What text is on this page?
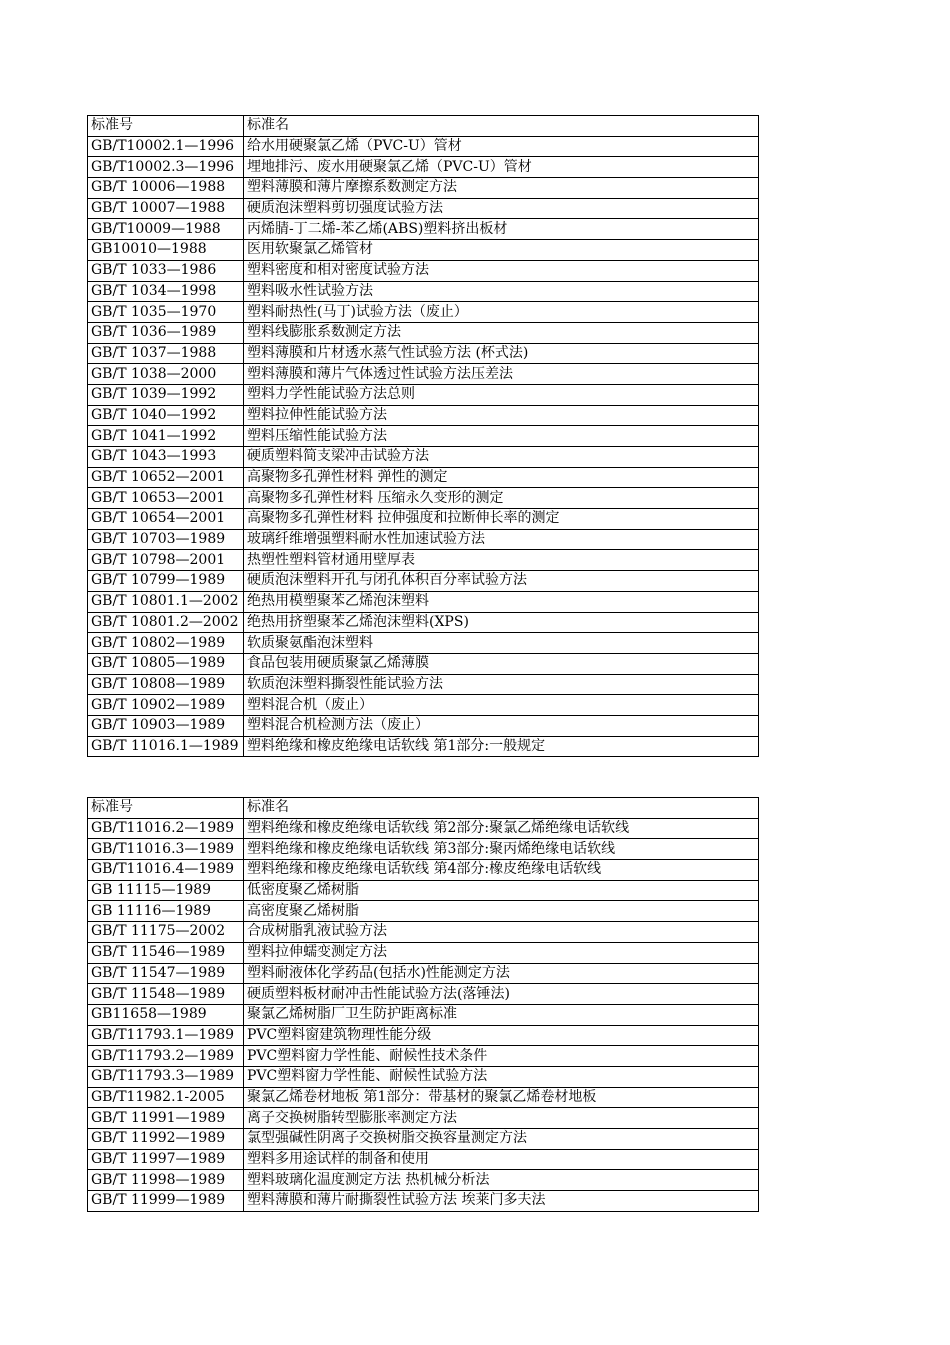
标准号	标准名
GB/T10002.1—1996	给水用硬聚氯乙烯（PVC-U）管材
GB/T10002.3—1996	埋地排污、废水用硬聚氯乙烯（PVC-U）管材
GB/T 10006—1988	塑料薄膜和薄片摩擦系数测定方法
GB/T 10007—1988	硬质泡沫塑料剪切强度试验方法
GB/T10009—1988	丙烯腈-丁二烯-苯乙烯(ABS)塑料挤出板材
GB10010—1988	医用软聚氯乙烯管材
GB/T 1033—1986	塑料密度和相对密度试验方法
GB/T 1034—1998	塑料吸水性试验方法
GB/T 1035—1970	塑料耐热性(马丁)试验方法（废止）
GB/T 1036—1989	塑料线膨胀系数测定方法
GB/T 1037—1988	塑料薄膜和片材透水蒸气性试验方法 (杯式法)
GB/T 1038—2000	塑料薄膜和薄片气体透过性试验方法压差法
GB/T 1039—1992	塑料力学性能试验方法总则
GB/T 1040—1992	塑料拉伸性能试验方法
GB/T 1041—1992	塑料压缩性能试验方法
GB/T 1043—1993	硬质塑料简支梁冲击试验方法
GB/T 10652—2001	高聚物多孔弹性材料 弹性的测定
GB/T 10653—2001	高聚物多孔弹性材料 压缩永久变形的测定
GB/T 10654—2001	高聚物多孔弹性材料 拉伸强度和拉断伸长率的测定
GB/T 10703—1989	玻璃纤维增强塑料耐水性加速试验方法
GB/T 10798—2001	热塑性塑料管材通用壁厚表
GB/T 10799—1989	硬质泡沫塑料开孔与闭孔体积百分率试验方法
GB/T 10801.1—2002	绝热用模塑聚苯乙烯泡沫塑料
GB/T 10801.2—2002	绝热用挤塑聚苯乙烯泡沫塑料(XPS)
GB/T 10802—1989	软质聚氨酯泡沫塑料
GB/T 10805—1989	食品包装用硬质聚氯乙烯薄膜
GB/T 10808—1989	软质泡沫塑料撕裂性能试验方法
GB/T 10902—1989	塑料混合机（废止）
GB/T 10903—1989	塑料混合机检测方法（废止）
GB/T 11016.1—1989	塑料绝缘和橡皮绝缘电话软线 第1部分:一般规定
标准号	标准名
GB/T11016.2—1989	塑料绝缘和橡皮绝缘电话软线 第2部分:聚氯乙烯绝缘电话软线
GB/T11016.3—1989	塑料绝缘和橡皮绝缘电话软线 第3部分:聚丙烯绝缘电话软线
GB/T11016.4—1989	塑料绝缘和橡皮绝缘电话软线 第4部分:橡皮绝缘电话软线
GB 11115—1989	低密度聚乙烯树脂
GB 11116—1989	高密度聚乙烯树脂
GB/T 11175—2002	合成树脂乳液试验方法
GB/T 11546—1989	塑料拉伸蠕变测定方法
GB/T 11547—1989	塑料耐液体化学药品(包括水)性能测定方法
GB/T 11548—1989	硬质塑料板材耐冲击性能试验方法(落锤法)
GB11658—1989	聚氯乙烯树脂厂卫生防护距离标准
GB/T11793.1—1989	PVC塑料窗建筑物理性能分级
GB/T11793.2—1989	PVC塑料窗力学性能、耐候性技术条件
GB/T11793.3—1989	PVC塑料窗力学性能、耐候性试验方法
GB/T11982.1-2005	聚氯乙烯卷材地板 第1部分：带基材的聚氯乙烯卷材地板
GB/T 11991—1989	离子交换树脂转型膨胀率测定方法
GB/T 11992—1989	氯型强碱性阴离子交换树脂交换容量测定方法
GB/T 11997—1989	塑料多用途试样的制备和使用
GB/T 11998—1989	塑料玻璃化温度测定方法 热机械分析法
GB/T 11999—1989	塑料薄膜和薄片耐撕裂性试验方法 埃莱门多夫法
